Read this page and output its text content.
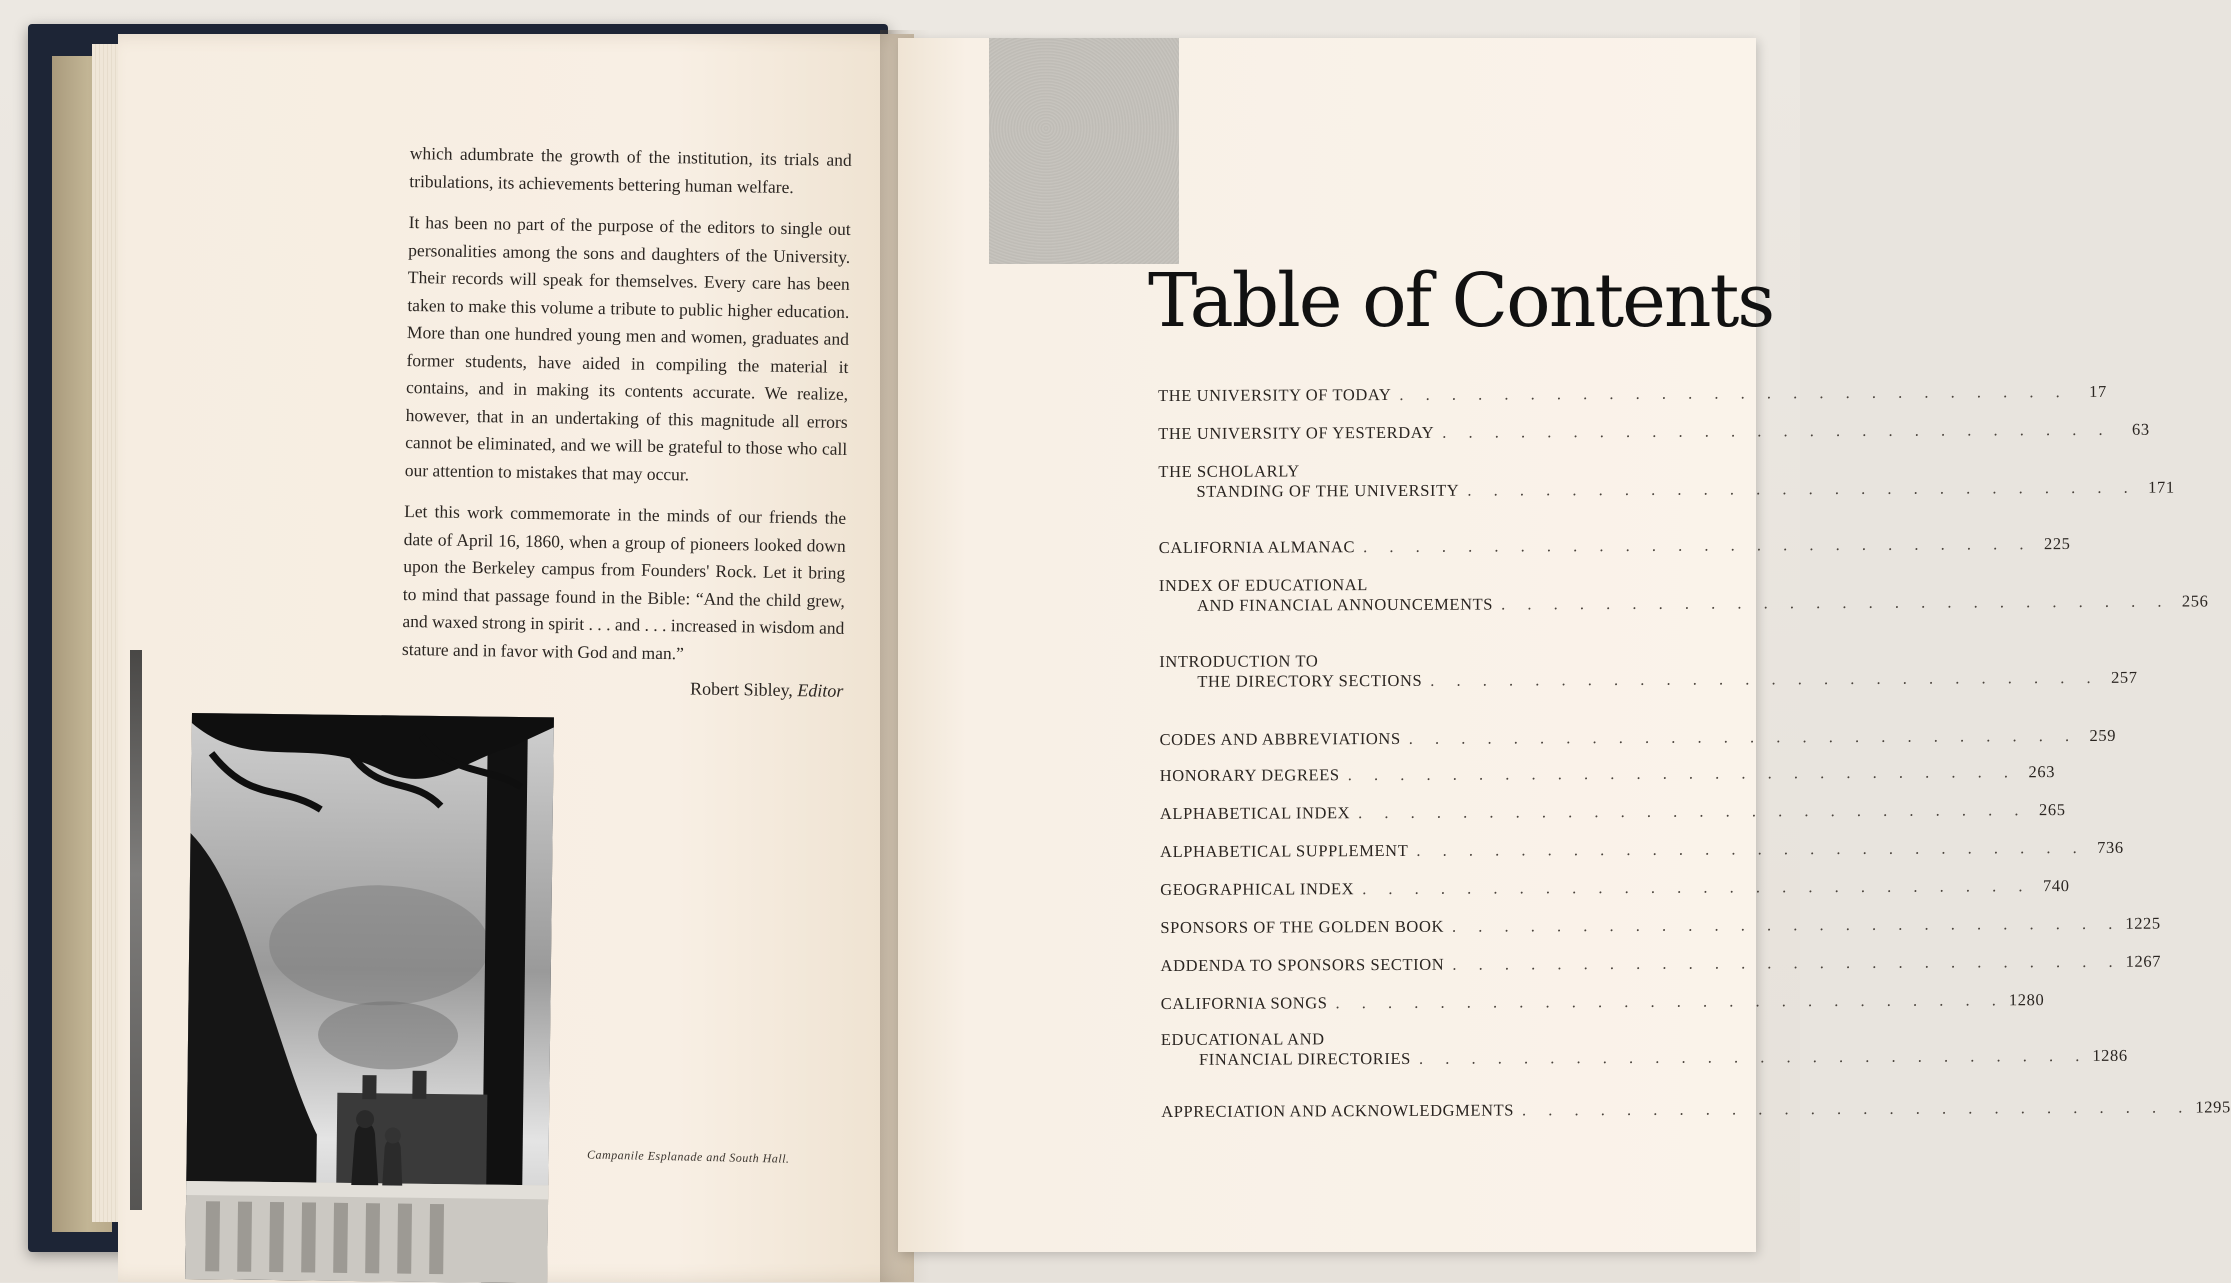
which adumbrate the growth of the institution, its trials and tribulations, its achievements bettering human welfare.

It has been no part of the purpose of the editors to single out personalities among the sons and daughters of the University. Their records will speak for themselves. Every care has been taken to make this volume a tribute to public higher education. More than one hundred young men and women, graduates and former students, have aided in compiling the material it contains, and in making its contents accurate. We realize, however, that in an undertaking of this magnitude all errors cannot be eliminated, and we will be grateful to those who call our attention to mistakes that may occur.

Let this work commemorate in the minds of our friends the date of April 16, 1860, when a group of pioneers looked down upon the Berkeley campus from Founders' Rock. Let it bring to mind that passage found in the Bible: “And the child grew, and waxed strong in spirit . . . and . . . increased in wisdom and stature and in favor with God and man.”

Robert Sibley, Editor
Campanile Esplanade and South Hall.
Table of Contents
THE UNIVERSITY OF TODAY . . . . . . . . . . . . . . . . . . . . . . . . . .	17
THE UNIVERSITY OF YESTERDAY . . . . . . . . . . . . . . . . . . . . . . . . . .	63
THE SCHOLARLY
STANDING OF THE UNIVERSITY . . . . . . . . . . . . . . . . . . . . . . . . . . 171
CALIFORNIA ALMANAC . . . . . . . . . . . . . . . . . . . . . . . . . . 225
INDEX OF EDUCATIONAL
AND FINANCIAL ANNOUNCEMENTS . . . . . . . . . . . . . . . . . . . . . . . . . . 256
INTRODUCTION TO
THE DIRECTORY SECTIONS . . . . . . . . . . . . . . . . . . . . . . . . . . 257
CODES AND ABBREVIATIONS . . . . . . . . . . . . . . . . . . . . . . . . . . 259
HONORARY DEGREES . . . . . . . . . . . . . . . . . . . . . . . . . . 263
ALPHABETICAL INDEX . . . . . . . . . . . . . . . . . . . . . . . . . . 265
ALPHABETICAL SUPPLEMENT . . . . . . . . . . . . . . . . . . . . . . . . . . 736
GEOGRAPHICAL INDEX . . . . . . . . . . . . . . . . . . . . . . . . . . 740
SPONSORS OF THE GOLDEN BOOK . . . . . . . . . . . . . . . . . . . . . . . . . . 1225
ADDENDA TO SPONSORS SECTION . . . . . . . . . . . . . . . . . . . . . . . . . . 1267
CALIFORNIA SONGS . . . . . . . . . . . . . . . . . . . . . . . . . . 1280
EDUCATIONAL AND
FINANCIAL DIRECTORIES . . . . . . . . . . . . . . . . . . . . . . . . . . 1286
APPRECIATION AND ACKNOWLEDGMENTS . . . . . . . . . . . . . . . . . . . . . . . . . . 1295
